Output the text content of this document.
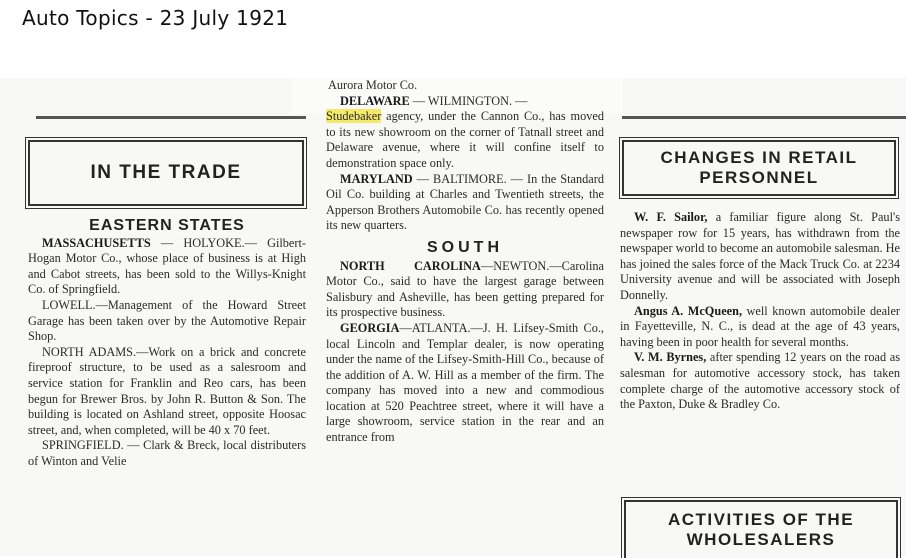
Auto Topics - 23 July 1921
IN THE TRADE
EASTERN STATES

MASSACHUSETTS — HOLYOKE.— Gilbert-Hogan Motor Co., whose place of business is at High and Cabot streets, has been sold to the Willys-Knight Co. of Springfield.

LOWELL.—Management of the Howard Street Garage has been taken over by the Automotive Repair Shop.

NORTH ADAMS.—Work on a brick and concrete fireproof structure, to be used as a salesroom and service station for Franklin and Reo cars, has been begun for Brewer Bros. by John R. Button & Son. The building is located on Ashland street, opposite Hoosac street, and, when completed, will be 40 x 70 feet.

SPRINGFIELD. — Clark & Breck, local distributers of Winton and Velie

Aurora Motor Co.

DELAWARE — WILMINGTON. —

Studebaker agency, under the Cannon Co., has moved to its new showroom on the corner of Tatnall street and Delaware avenue, where it will confine itself to demonstration space only.

MARYLAND — BALTIMORE. — In the Standard Oil Co. building at Charles and Twentieth streets, the Apperson Brothers Automobile Co. has recently opened its new quarters.

SOUTH

NORTH CAROLINA—NEWTON.—Carolina Motor Co., said to have the largest garage between Salisbury and Asheville, has been getting prepared for its prospective business.

GEORGIA—ATLANTA.—J. H. Lifsey-Smith Co., local Lincoln and Templar dealer, is now operating under the name of the Lifsey-Smith-Hill Co., because of the addition of A. W. Hill as a member of the firm. The company has moved into a new and commodious location at 520 Peachtree street, where it will have a large showroom, service station in the rear and an entrance from

CHANGES IN RETAIL
PERSONNEL

W. F. Sailor, a familiar figure along St. Paul's newspaper row for 15 years, has withdrawn from the newspaper world to become an automobile salesman. He has joined the sales force of the Mack Truck Co. at 2234 University avenue and will be associated with Joseph Donnelly.

Angus A. McQueen, well known automobile dealer in Fayetteville, N. C., is dead at the age of 43 years, having been in poor health for several months.

V. M. Byrnes, after spending 12 years on the road as salesman for automotive accessory stock, has taken complete charge of the automotive accessory stock of the Paxton, Duke & Bradley Co.

ACTIVITIES OF THE
WHOLESALERS
